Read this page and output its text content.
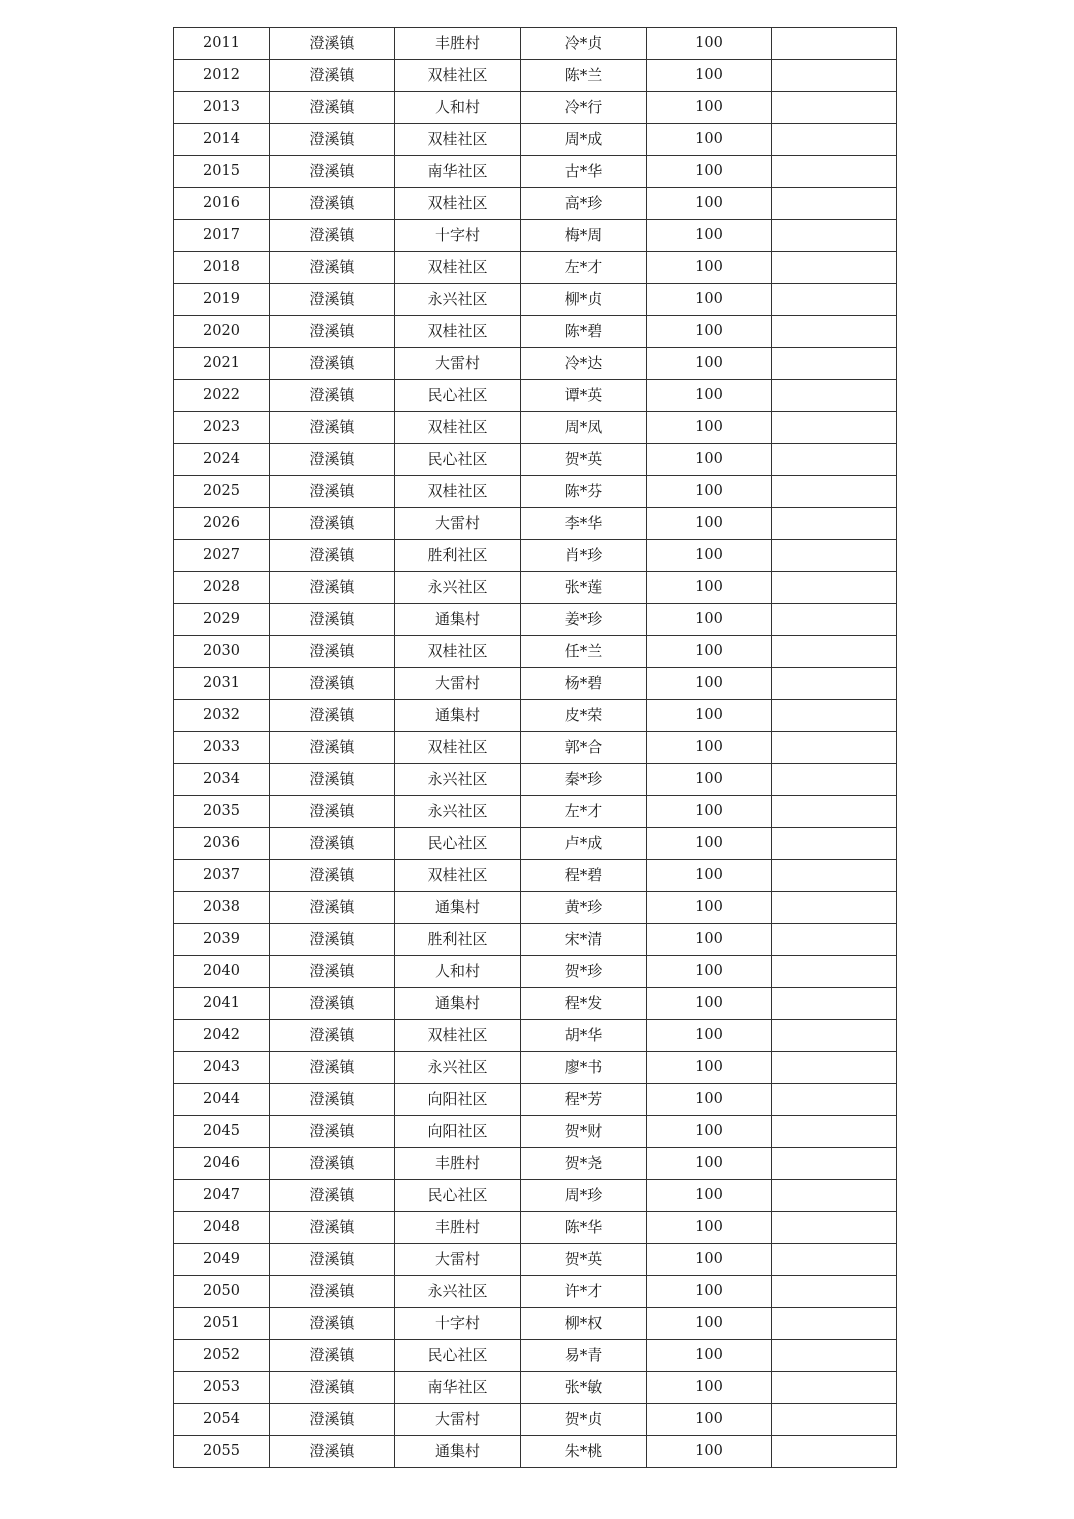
2011	澄溪镇	丰胜村	冷*贞	100	
2012	澄溪镇	双桂社区	陈*兰	100	
2013	澄溪镇	人和村	冷*行	100	
2014	澄溪镇	双桂社区	周*成	100	
2015	澄溪镇	南华社区	古*华	100	
2016	澄溪镇	双桂社区	高*珍	100	
2017	澄溪镇	十字村	梅*周	100	
2018	澄溪镇	双桂社区	左*才	100	
2019	澄溪镇	永兴社区	柳*贞	100	
2020	澄溪镇	双桂社区	陈*碧	100	
2021	澄溪镇	大雷村	冷*达	100	
2022	澄溪镇	民心社区	谭*英	100	
2023	澄溪镇	双桂社区	周*凤	100	
2024	澄溪镇	民心社区	贺*英	100	
2025	澄溪镇	双桂社区	陈*芬	100	
2026	澄溪镇	大雷村	李*华	100	
2027	澄溪镇	胜利社区	肖*珍	100	
2028	澄溪镇	永兴社区	张*莲	100	
2029	澄溪镇	通集村	姜*珍	100	
2030	澄溪镇	双桂社区	任*兰	100	
2031	澄溪镇	大雷村	杨*碧	100	
2032	澄溪镇	通集村	皮*荣	100	
2033	澄溪镇	双桂社区	郭*合	100	
2034	澄溪镇	永兴社区	秦*珍	100	
2035	澄溪镇	永兴社区	左*才	100	
2036	澄溪镇	民心社区	卢*成	100	
2037	澄溪镇	双桂社区	程*碧	100	
2038	澄溪镇	通集村	黄*珍	100	
2039	澄溪镇	胜利社区	宋*清	100	
2040	澄溪镇	人和村	贺*珍	100	
2041	澄溪镇	通集村	程*发	100	
2042	澄溪镇	双桂社区	胡*华	100	
2043	澄溪镇	永兴社区	廖*书	100	
2044	澄溪镇	向阳社区	程*芳	100	
2045	澄溪镇	向阳社区	贺*财	100	
2046	澄溪镇	丰胜村	贺*尧	100	
2047	澄溪镇	民心社区	周*珍	100	
2048	澄溪镇	丰胜村	陈*华	100	
2049	澄溪镇	大雷村	贺*英	100	
2050	澄溪镇	永兴社区	许*才	100	
2051	澄溪镇	十字村	柳*权	100	
2052	澄溪镇	民心社区	易*青	100	
2053	澄溪镇	南华社区	张*敏	100	
2054	澄溪镇	大雷村	贺*贞	100	
2055	澄溪镇	通集村	朱*桃	100	
